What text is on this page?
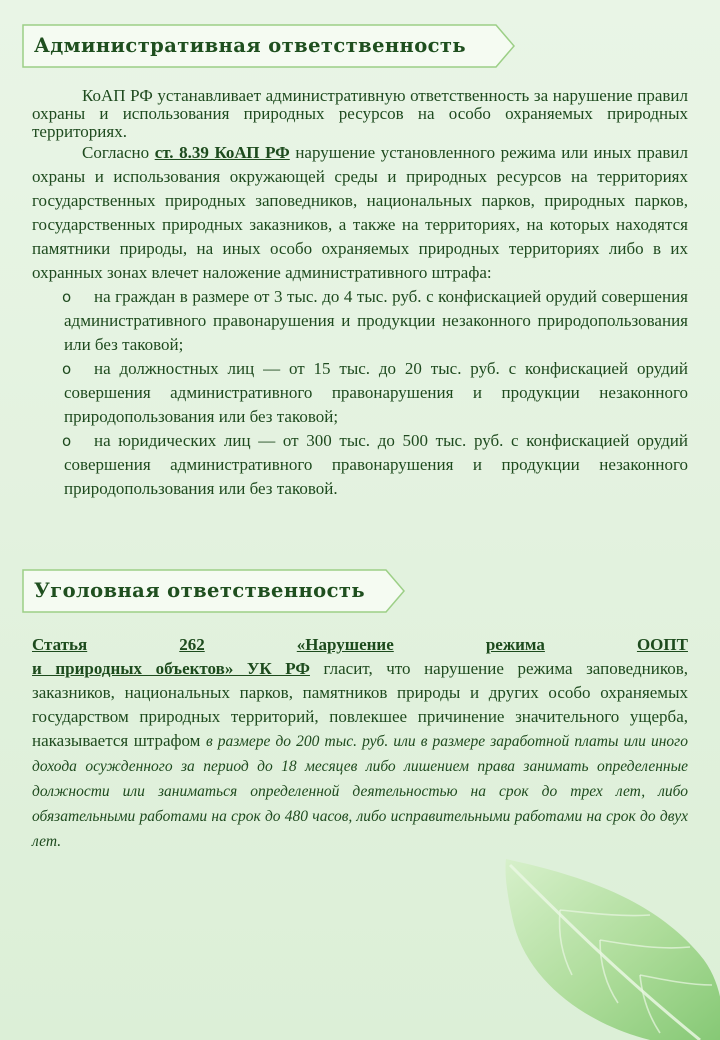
Административная ответственность

КоАП РФ устанавливает административную ответственность за нарушение правил охраны и использования природных ресурсов на особо охраняемых природных территориях.

Согласно ст. 8.39 КоАП РФ нарушение установленного режима или иных правил охраны и использования окружающей среды и природных ресурсов на территориях государственных природных заповедников, национальных парков, природных парков, государственных природных заказников, а также на территориях, на которых находятся памятники природы, на иных особо охраняемых природных территориях либо в их охранных зонах влечет наложение административного штрафа:

o на граждан в размере от 3 тыс. до 4 тыс. руб. с конфискацией орудий совершения административного правонарушения и продукции незаконного природопользования или без таковой;
o на должностных лиц — от 15 тыс. до 20 тыс. руб. с конфискацией орудий совершения административного правонарушения и продукции незаконного природопользования или без таковой;
o на юридических лиц — от 300 тыс. до 500 тыс. руб. с конфискацией орудий совершения административного правонарушения и продукции незаконного природопользования или без таковой.
Уголовная ответственность
Статья	262	«Нарушение	режима	ООПТ

и природных объектов» УК РФ гласит, что нарушение режима заповедников, заказников, национальных парков, памятников природы и других особо охраняемых государством природных территорий, повлекшее причинение значительного ущерба, наказывается штрафом в размере до 200 тыс. руб. или в размере заработной платы или иного дохода осужденного за период до 18 месяцев либо лишением права занимать определенные должности или заниматься определенной деятельностью на срок до трех лет, либо обязательными работами на срок до 480 часов, либо исправительными работами на срок до двух лет.
